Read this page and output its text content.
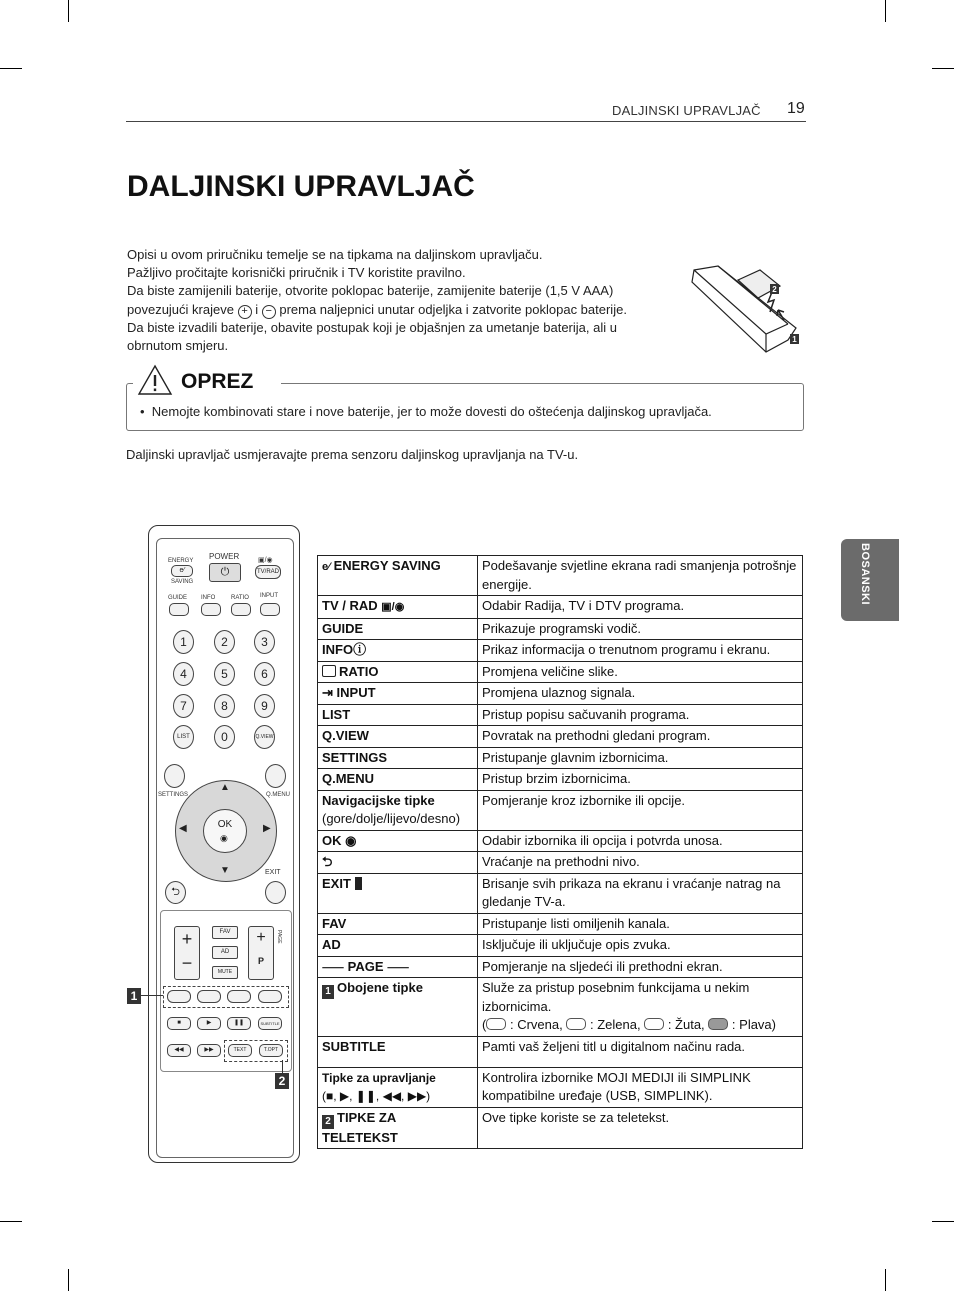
DALJINSKI UPRAVLJAČ 19
DALJINSKI UPRAVLJAČ

Opisi u ovom priručniku temelje se na tipkama na daljinskom upravljaču.

Pažljivo pročitajte korisnički priručnik i TV koristite pravilno.

Da biste zamijenili baterije, otvorite poklopac baterije, zamijenite baterije (1,5 V AAA)

povezujući krajeve + i − prema naljepnici unutar odjeljka i zatvorite poklopac baterije.

Da biste izvadili baterije, obavite postupak koji je objašnjen za umetanje baterija, ali u

obrnutom smjeru.

2
1
OPREZ
•  Nemojte kombinovati stare i nove baterije, jer to može dovesti do oštećenja daljinskog upravljača.
Daljinski upravljač usmjeravajte prema senzoru daljinskog upravljanja na TV-u.
BOSANSKI
ENERGY
e⁄
SAVING
POWER
⏻
▣/◉
TV/RAD
GUIDE INFO	RATIO INPUT
1	2	3
4	5	6
7	8	9
LIST	0	Q.VIEW
SETTINGS	Q.MENU
OK
◉
▲
▼
◀	▶
EXIT
⮌
+
−
FAV
AD
MUTE
+
P
PAGE
■	▶	❚❚	SUBTITLE
◀◀	▶▶	TEXT	T.OPT
1
2
e⁄ ENERGY SAVING	Podešavanje svjetline ekrana radi smanjenja potrošnje energije.
TV / RAD ▣/◉	Odabir Radija, TV i DTV programa.
GUIDE	Prikazuje programski vodič.
INFOⓘ	Prikaz informacija o trenutnom programu i ekranu.
RATIO	Promjena veličine slike.
⇥ INPUT	Promjena ulaznog signala.
LIST	Pristup popisu sačuvanih programa.
Q.VIEW	Povratak na prethodni gledani program.
SETTINGS	Pristupanje glavnim izbornicima.
Q.MENU	Pristup brzim izbornicima.
Navigacijske tipke
(gore/dolje/lijevo/desno)	Pomjeranje kroz izbornike ili opcije.
OK ◉	Odabir izbornika ili opcija i potvrda unosa.
⮌	Vraćanje na prethodni nivo.
EXIT	Brisanje svih prikaza na ekranu i vraćanje natrag na gledanje TV-a.
FAV	Pristupanje listi omiljenih kanala.
AD	Isključuje ili uključuje opis zvuka.
⸺ PAGE ⸺	Pomjeranje na sljedeći ili prethodni ekran.
1 Obojene tipke	Služe za pristup posebnim funkcijama u nekim izbornicima.
( : Crvena, : Zelena, : Žuta, : Plava)
SUBTITLE	Pamti vaš željeni titl u digitalnom načinu rada.
Tipke za upravljanje
(■, ▶, ❚❚, ◀◀, ▶▶)	Kontrolira izbornike MOJI MEDIJI ili SIMPLINK kompatibilne uređaje (USB, SIMPLINK).
2 TIPKE ZA TELETEKST	Ove tipke koriste se za teletekst.
